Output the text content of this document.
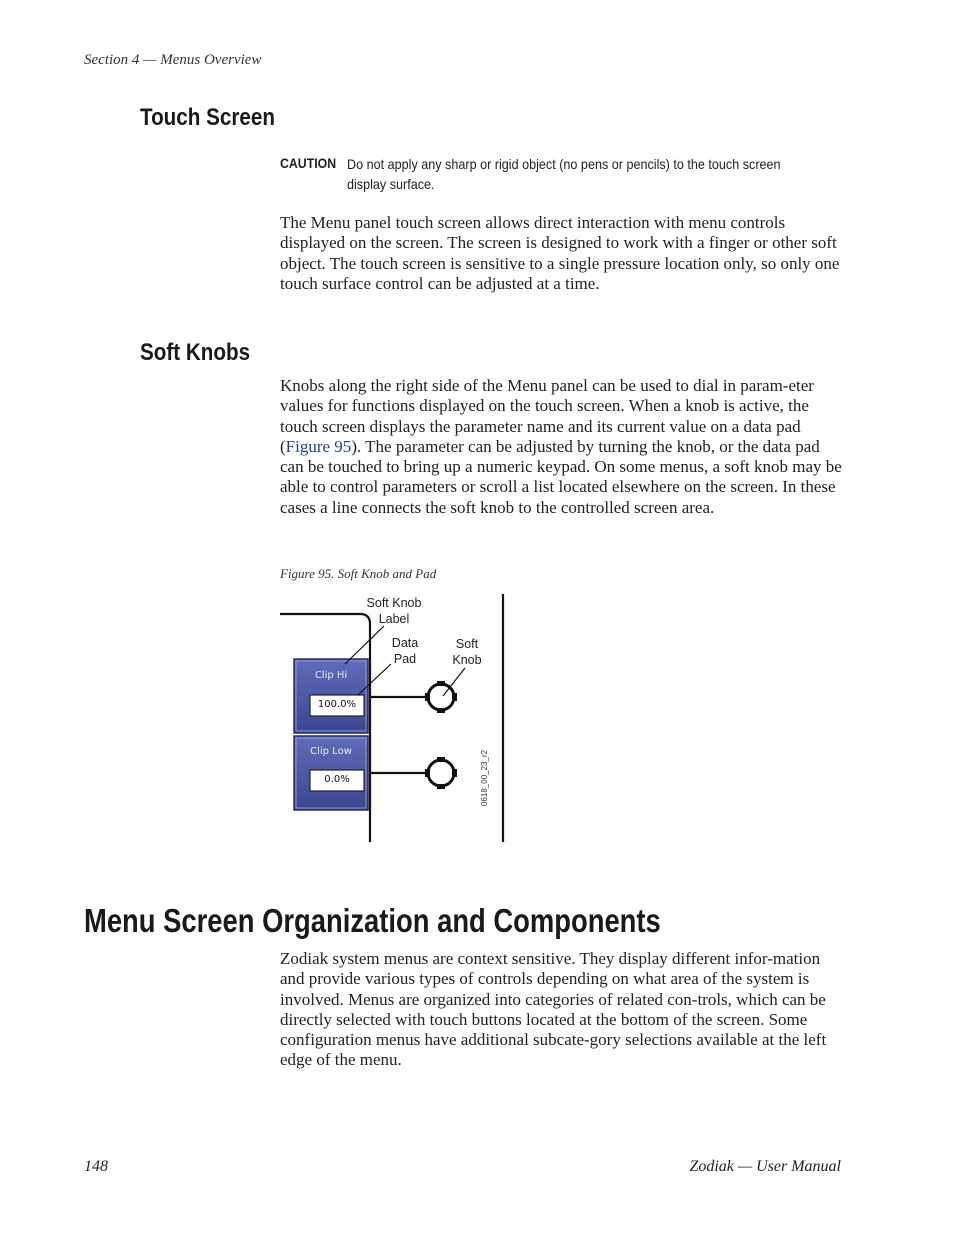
Section 4 — Menus Overview
Touch Screen
CAUTION Do not apply any sharp or rigid object (no pens or pencils) to the touch screen display surface.

The Menu panel touch screen allows direct interaction with menu controls displayed on the screen. The screen is designed to work with a finger or other soft object. The touch screen is sensitive to a single pressure location only, so only one touch surface control can be adjusted at a time.

Soft Knobs

Knobs along the right side of the Menu panel can be used to dial in param-eter values for functions displayed on the touch screen. When a knob is active, the touch screen displays the parameter name and its current value on a data pad (Figure 95). The parameter can be adjusted by turning the knob, or the data pad can be touched to bring up a numeric keypad. On some menus, a soft knob may be able to control parameters or scroll a list located elsewhere on the screen. In these cases a line connects the soft knob to the controlled screen area.

Figure 95. Soft Knob and Pad
Soft Knob
Label
Data
Pad
Soft
Knob
Clip Hi
100.0%
Clip Low
0.0%	0618_00_23_r2
Menu Screen Organization and Components

Zodiak system menus are context sensitive. They display different infor-mation and provide various types of controls depending on what area of the system is involved. Menus are organized into categories of related con-trols, which can be directly selected with touch buttons located at the bottom of the screen. Some configuration menus have additional subcate-gory selections available at the left edge of the menu.

148	Zodiak — User Manual
